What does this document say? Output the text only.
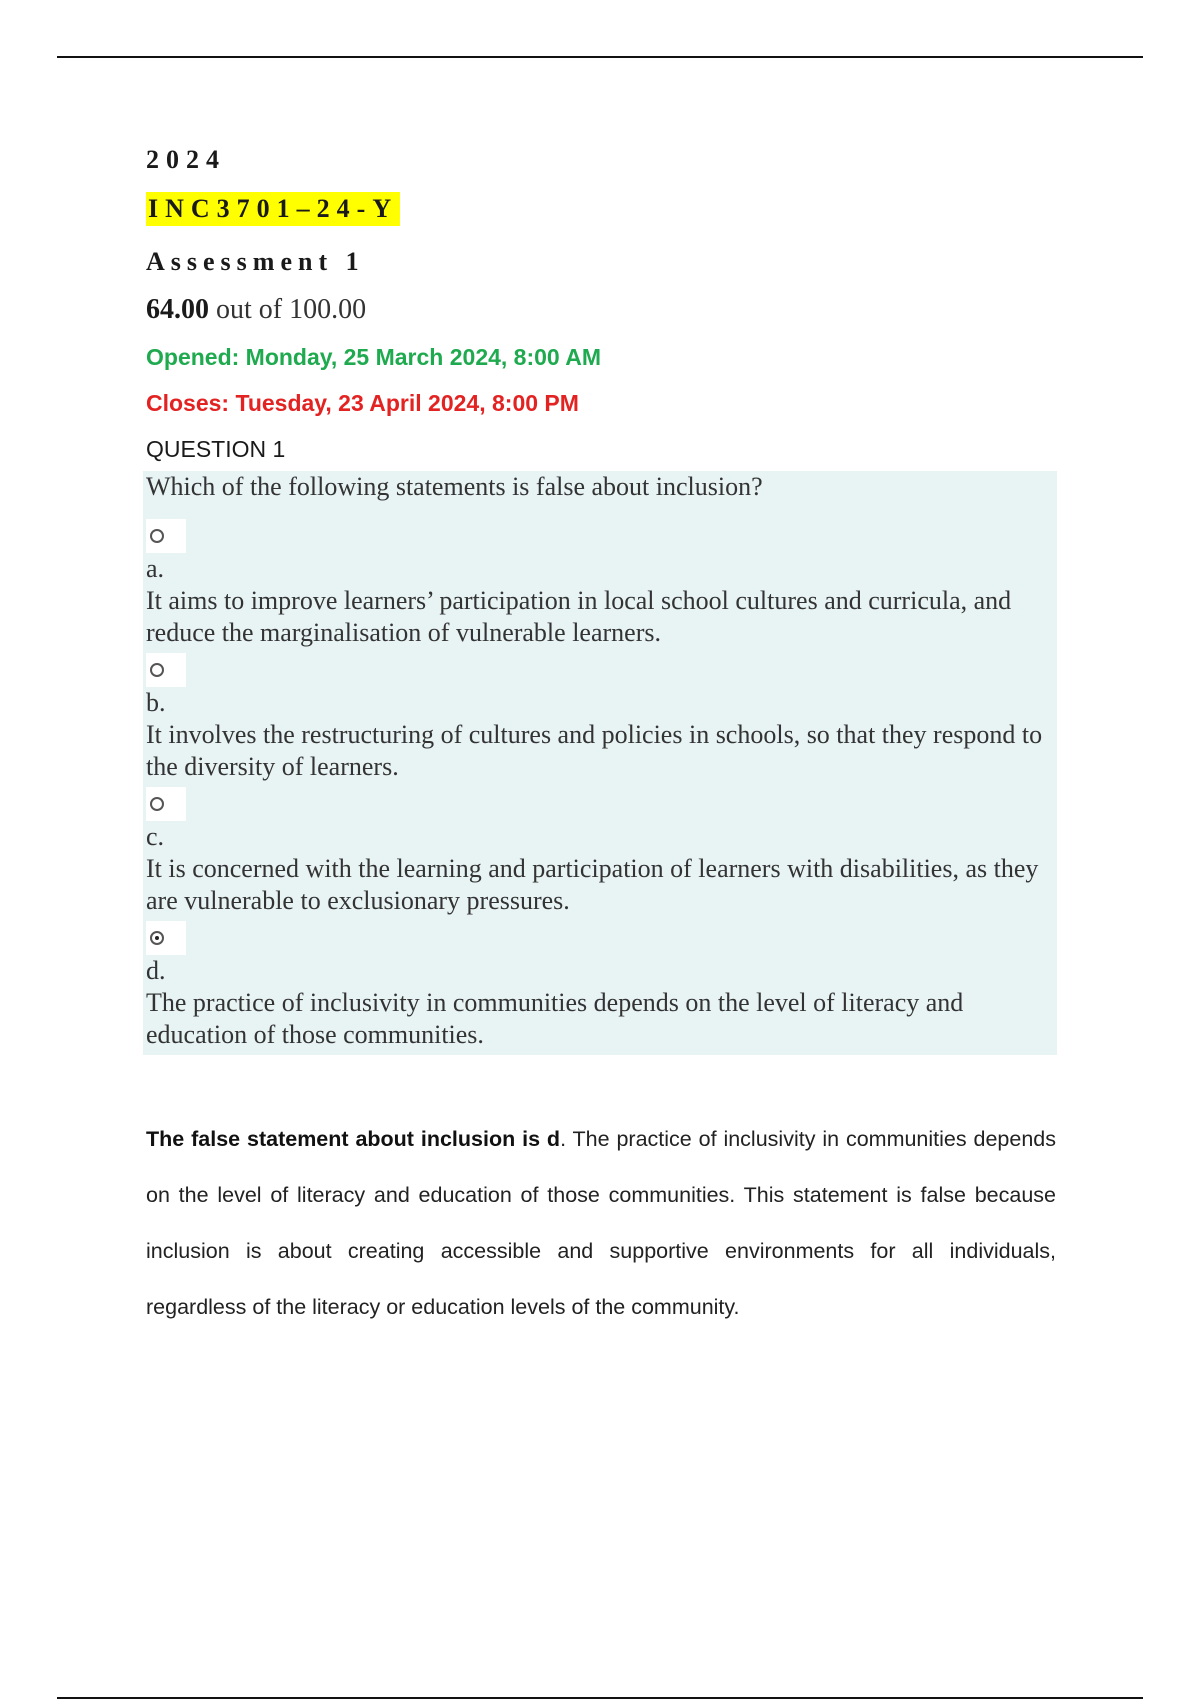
2024
INC3701–24-Y
Assessment 1
64.00 out of 100.00
Opened: Monday, 25 March 2024, 8:00 AM
Closes: Tuesday, 23 April 2024, 8:00 PM
QUESTION 1
Which of the following statements is false about inclusion?
a.
It aims to improve learners’ participation in local school cultures and curricula, and reduce the marginalisation of vulnerable learners.
b.
It involves the restructuring of cultures and policies in schools, so that they respond to the diversity of learners.
c.
It is concerned with the learning and participation of learners with disabilities, as they are vulnerable to exclusionary pressures.
d.
The practice of inclusivity in communities depends on the level of literacy and education of those communities.
The false statement about inclusion is d. The practice of inclusivity in communities depends on the level of literacy and education of those communities. This statement is false because inclusion is about creating accessible and supportive environments for all individuals, regardless of the literacy or education levels of the community.
